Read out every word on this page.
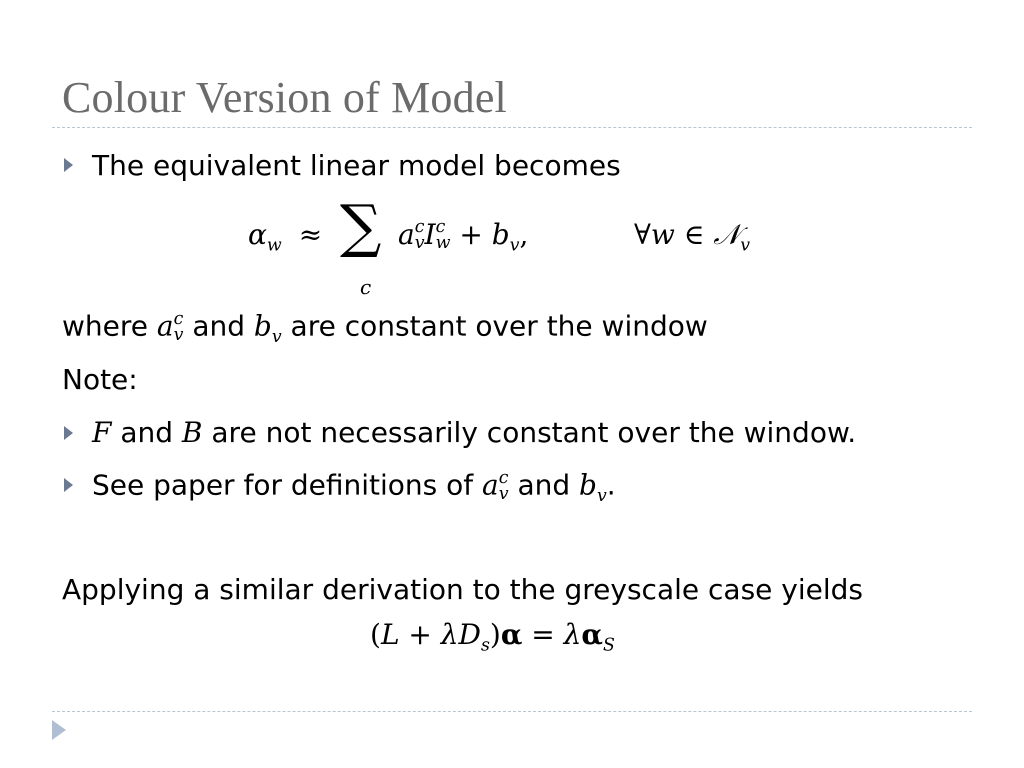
Colour Version of Model
The equivalent linear model becomes
$\alpha_w$ ≈ ∑
c
a c
v I c
$w + b_v$,	∀w ∈ 𝒩$_v$
where a c
v and $b_v$ are constant over the window
Note:
F and B are not necessarily constant over the window.
See paper for definitions of a c
v and $b_v$.
Applying a similar derivation to the greyscale case yields
$(L + \lambda D_s)\alpha = \lambda\alpha_S$
